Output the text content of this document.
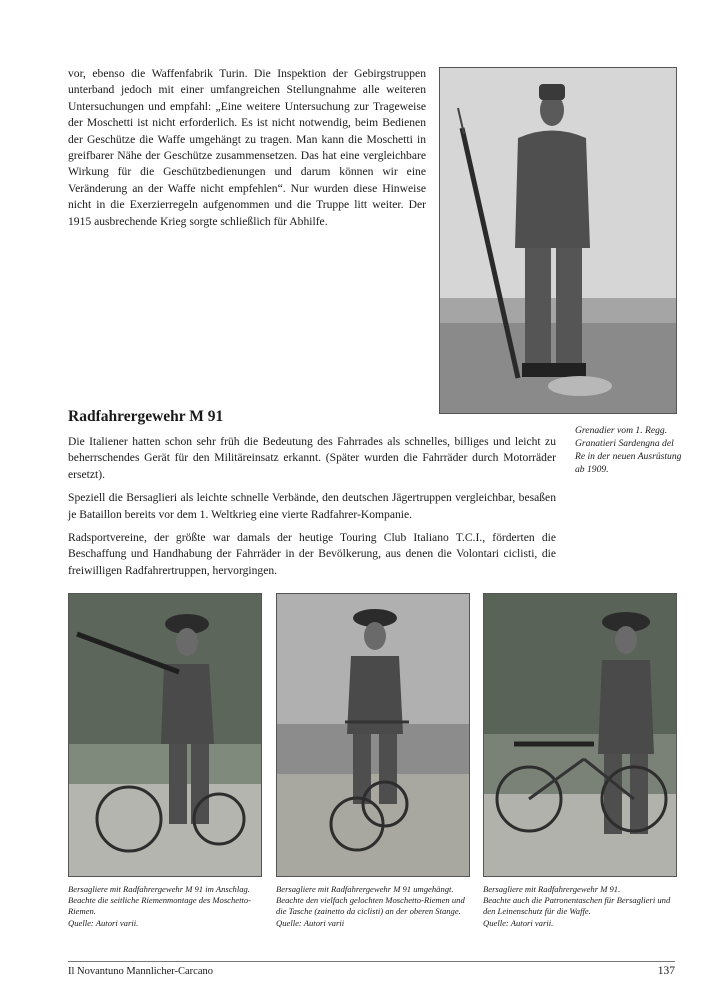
vor, ebenso die Waffenfabrik Turin. Die Inspektion der Gebirgstruppen unterband jedoch mit einer umfangreichen Stellungnahme alle weiteren Untersuchungen und empfahl: „Eine weitere Untersuchung zur Trageweise der Moschetti ist nicht erforderlich. Es ist nicht notwendig, beim Bedienen der Geschütze die Waffe umgehängt zu tragen. Man kann die Moschetti in greifbarer Nähe der Geschütze zusammensetzen. Das hat eine vergleichbare Wirkung für die Geschützbedienungen und darum können wir eine Veränderung an der Waffe nicht empfehlen“. Nur wurden diese Hinweise nicht in die Exerzierregeln aufgenommen und die Truppe litt weiter. Der 1915 ausbrechende Krieg sorgte schließlich für Abhilfe.

Grenadier vom 1. Regg. Granatieri Sardengna del Re in der neuen Ausrüstung ab 1909.

Radfahrergewehr M 91

Die Italiener hatten schon sehr früh die Bedeutung des Fahrrades als schnelles, billiges und leicht zu beherrschendes Gerät für den Militäreinsatz erkannt. (Später wurden die Fahrräder durch Motorräder ersetzt).

Speziell die Bersaglieri als leichte schnelle Verbände, den deutschen Jägertruppen vergleichbar, besaßen je Bataillon bereits vor dem 1. Weltkrieg eine vierte Radfahrer-Kompanie.

Radsportvereine, der größte war damals der heutige Touring Club Italiano T.C.I., förderten die Beschaffung und Handhabung der Fahrräder in der Bevölkerung, aus denen die Volontari ciclisti, die freiwilligen Radfahrertruppen, hervorgingen.

Bersagliere mit Radfahrergewehr M 91 im Anschlag.
Beachte die seitliche Riemenmontage des Moschetto-Riemen.
Quelle: Autori varii.

Bersagliere mit Radfahrergewehr M 91 umgehängt.
Beachte den vielfach gelochten Moschetto-Riemen und die Tasche (zainetto da ciclisti) an der oberen Stange.
Quelle: Autori varii

Bersagliere mit Radfahrergewehr M 91.
Beachte auch die Patronentaschen für Bersaglieri und den Leinenschutz für die Waffe.
Quelle: Autori varii.

Il Novantuno Mannlicher-Carcano	137
